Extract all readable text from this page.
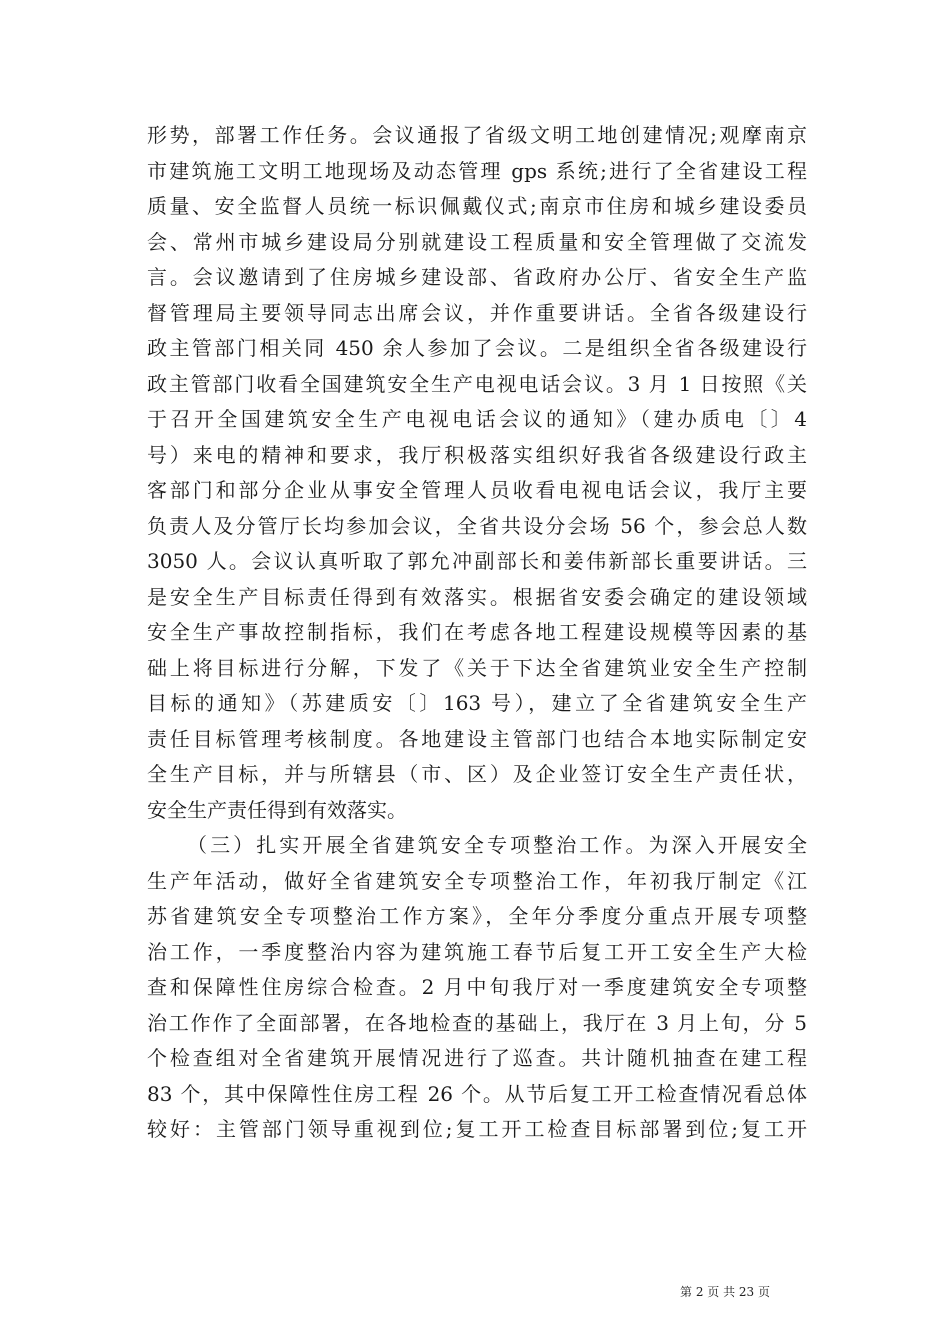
形势，部署工作任务。会议通报了省级文明工地创建情况;观摩南京
市建筑施工文明工地现场及动态管理 gps 系统;进行了全省建设工程
质量、安全监督人员统一标识佩戴仪式;南京市住房和城乡建设委员
会、常州市城乡建设局分别就建设工程质量和安全管理做了交流发
言。会议邀请到了住房城乡建设部、省政府办公厅、省安全生产监
督管理局主要领导同志出席会议，并作重要讲话。全省各级建设行
政主管部门相关同 450 余人参加了会议。二是组织全省各级建设行
政主管部门收看全国建筑安全生产电视电话会议。3 月 1 日按照《关
于召开全国建筑安全生产电视电话会议的通知》（建办质电〔〕4
号）来电的精神和要求，我厅积极落实组织好我省各级建设行政主
客部门和部分企业从事安全管理人员收看电视电话会议，我厅主要
负责人及分管厅长均参加会议，全省共设分会场 56 个，参会总人数
3050 人。会议认真听取了郭允冲副部长和姜伟新部长重要讲话。三
是安全生产目标责任得到有效落实。根据省安委会确定的建设领域
安全生产事故控制指标，我们在考虑各地工程建设规模等因素的基
础上将目标进行分解，下发了《关于下达全省建筑业安全生产控制
目标的通知》（苏建质安〔〕163 号），建立了全省建筑安全生产
责任目标管理考核制度。各地建设主管部门也结合本地实际制定安
全生产目标，并与所辖县（市、区）及企业签订安全生产责任状，
安全生产责任得到有效落实。
（三）扎实开展全省建筑安全专项整治工作。为深入开展安全
生产年活动，做好全省建筑安全专项整治工作，年初我厅制定《江
苏省建筑安全专项整治工作方案》，全年分季度分重点开展专项整
治工作，一季度整治内容为建筑施工春节后复工开工安全生产大检
查和保障性住房综合检查。2 月中旬我厅对一季度建筑安全专项整
治工作作了全面部署，在各地检查的基础上，我厅在 3 月上旬，分 5
个检查组对全省建筑开展情况进行了巡查。共计随机抽查在建工程
83 个，其中保障性住房工程 26 个。从节后复工开工检查情况看总体
较好：主管部门领导重视到位;复工开工检查目标部署到位;复工开
第 2 页 共 23 页
